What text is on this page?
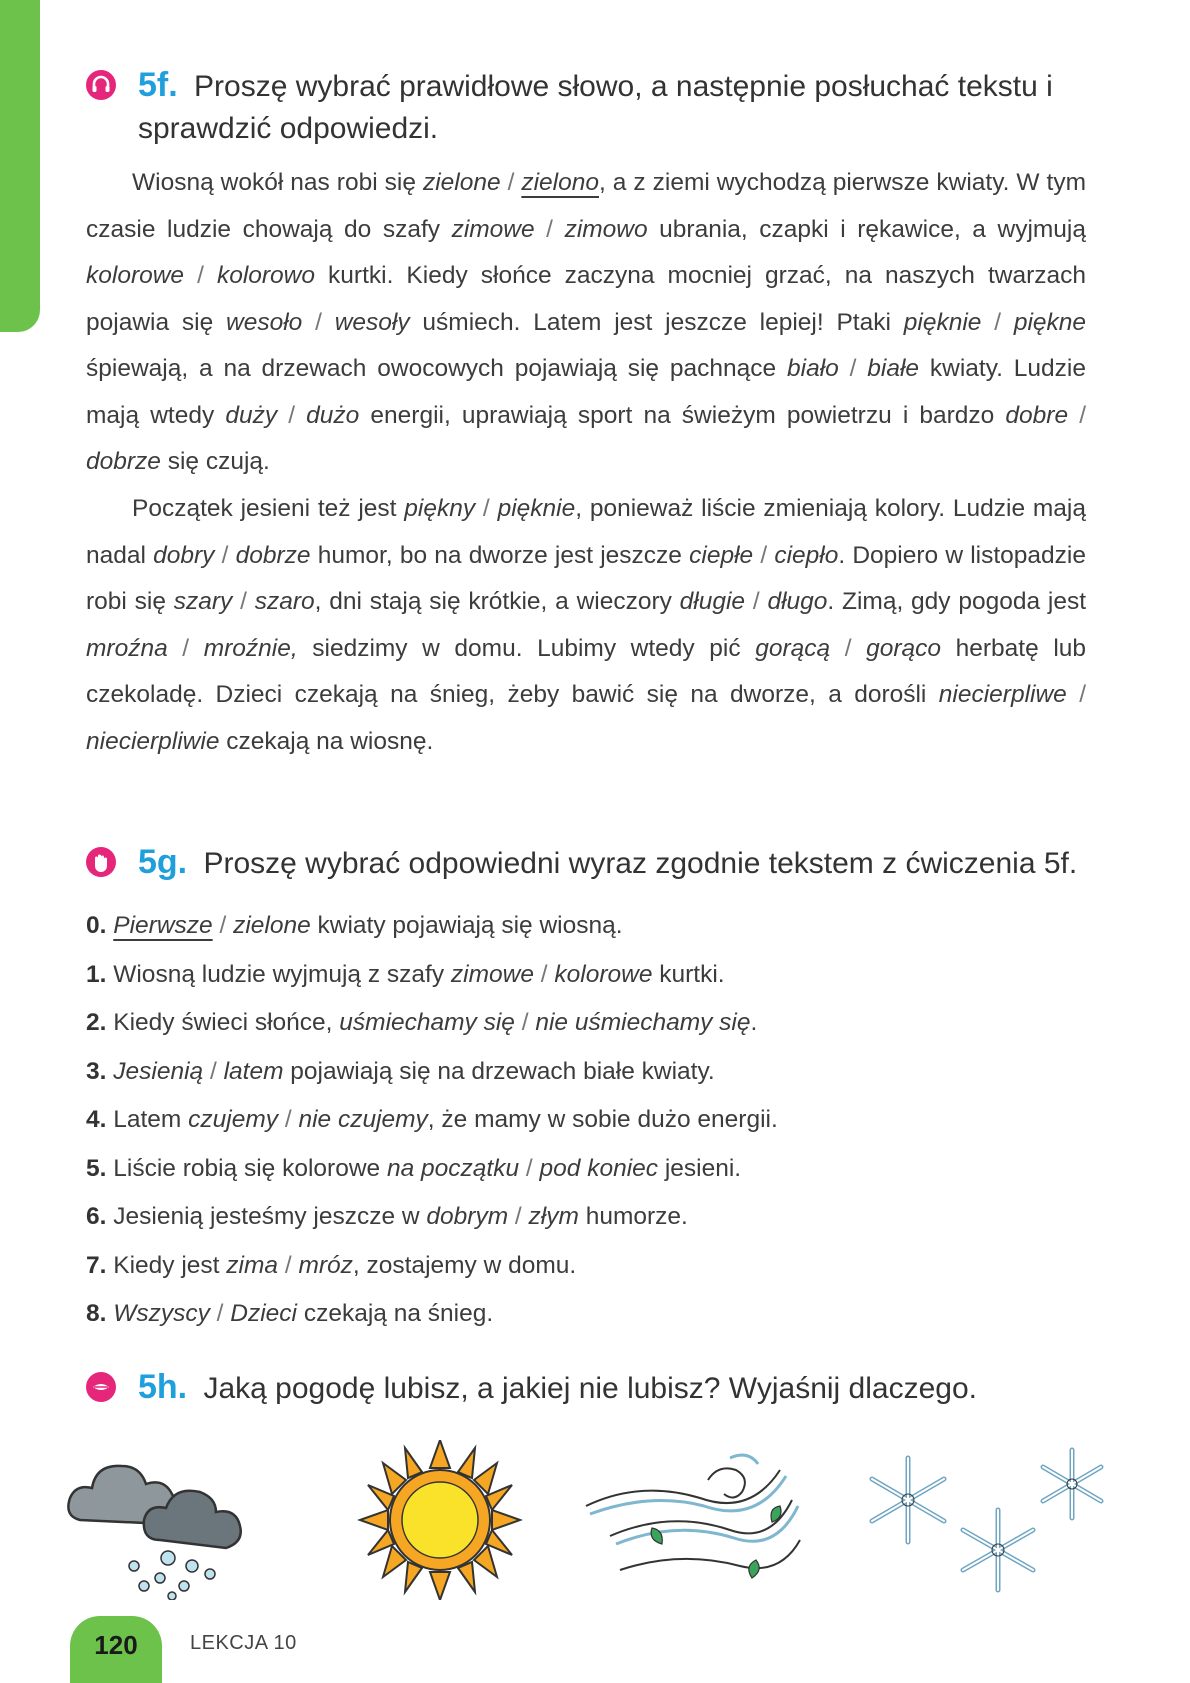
5f. Proszę wybrać prawidłowe słowo, a następnie posłuchać tekstu i sprawdzić odpowiedzi.

Wiosną wokół nas robi się zielone / zielono, a z ziemi wychodzą pierwsze kwiaty. W tym czasie ludzie chowają do szafy zimowe / zimowo ubrania, czapki i rękawice, a wyjmują kolorowe / kolorowo kurtki. Kiedy słońce zaczyna mocniej grzać, na naszych twarzach pojawia się wesoło / wesoły uśmiech. Latem jest jeszcze lepiej! Ptaki pięknie / piękne śpiewają, a na drzewach owocowych pojawiają się pachnące biało / białe kwiaty. Ludzie mają wtedy duży / dużo energii, uprawiają sport na świeżym powietrzu i bardzo dobre / dobrze się czują.

Początek jesieni też jest piękny / pięknie, ponieważ liście zmieniają kolory. Ludzie mają nadal dobry / dobrze humor, bo na dworze jest jeszcze ciepłe / ciepło. Dopiero w listopadzie robi się szary / szaro, dni stają się krótkie, a wieczory długie / długo. Zimą, gdy pogoda jest mroźna / mroźnie, siedzimy w domu. Lubimy wtedy pić gorącą / gorąco herbatę lub czekoladę. Dzieci czekają na śnieg, żeby bawić się na dworze, a dorośli niecierpliwe / niecierpliwie czekają na wiosnę.

5g. Proszę wybrać odpowiedni wyraz zgodnie tekstem z ćwiczenia 5f.
0. Pierwsze / zielone kwiaty pojawiają się wiosną.
1. Wiosną ludzie wyjmują z szafy zimowe / kolorowe kurtki.
2. Kiedy świeci słońce, uśmiechamy się / nie uśmiechamy się.
3. Jesienią / latem pojawiają się na drzewach białe kwiaty.
4. Latem czujemy / nie czujemy, że mamy w sobie dużo energii.
5. Liście robią się kolorowe na początku / pod koniec jesieni.
6. Jesienią jesteśmy jeszcze w dobrym / złym humorze.
7. Kiedy jest zima / mróz, zostajemy w domu.
8. Wszyscy / Dzieci czekają na śnieg.
5h. Jaką pogodę lubisz, a jakiej nie lubisz? Wyjaśnij dlaczego.
120	LEKCJA 10
